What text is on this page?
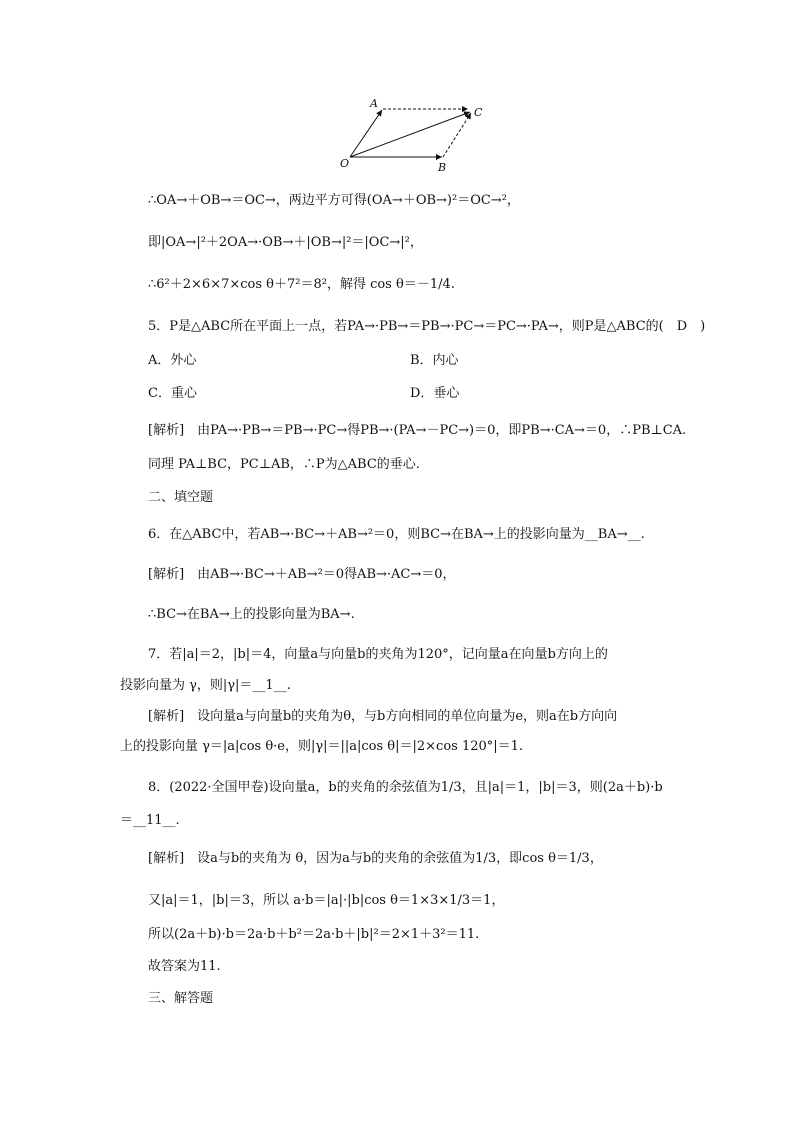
A
C
O	B
∴OA→＋OB→＝OC→，两边平方可得(OA→＋OB→)²＝OC→²，
即|OA→|²＋2OA→·OB→＋|OB→|²＝|OC→|²，
∴6²＋2×6×7×cos θ＋7²＝8²，解得 cos θ＝－1/4.
5．P是△ABC所在平面上一点，若PA→·PB→＝PB→·PC→＝PC→·PA→，则P是△ABC的(　D　)
A．外心	B．内心
C．重心	D．垂心
[解析]　由PA→·PB→＝PB→·PC→得PB→·(PA→－PC→)＝0，即PB→·CA→＝0，∴PB⊥CA.
同理 PA⊥BC，PC⊥AB，∴P为△ABC的垂心.
二、填空题
6．在△ABC中，若AB→·BC→＋AB→²＝0，则BC→在BA→上的投影向量为__BA→__.
[解析]　由AB→·BC→＋AB→²＝0得AB→·AC→＝0，
∴BC→在BA→上的投影向量为BA→.
7．若|a|＝2，|b|＝4，向量a与向量b的夹角为120°，记向量a在向量b方向上的
投影向量为 γ，则|γ|＝__1__.
[解析]　设向量a与向量b的夹角为θ，与b方向相同的单位向量为e，则a在b方向向
上的投影向量 γ＝|a|cos θ·e，则|γ|＝||a|cos θ|＝|2×cos 120°|＝1.
8．(2022·全国甲卷)设向量a，b的夹角的余弦值为1/3，且|a|＝1，|b|＝3，则(2a＋b)·b
＝__11__.
[解析]　设a与b的夹角为 θ，因为a与b的夹角的余弦值为1/3，即cos θ＝1/3，
又|a|＝1，|b|＝3，所以 a·b＝|a|·|b|cos θ＝1×3×1/3＝1，
所以(2a＋b)·b＝2a·b＋b²＝2a·b＋|b|²＝2×1＋3²＝11.
故答案为11.
三、解答题
